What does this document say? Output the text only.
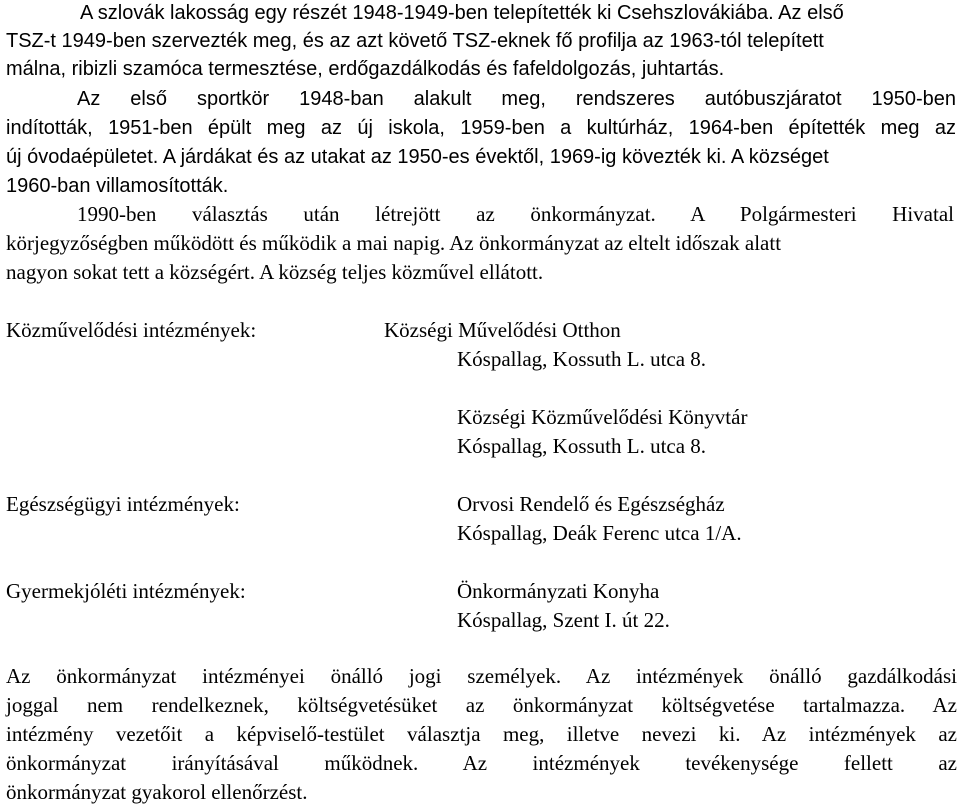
A szlovák lakosság egy részét 1948-1949-ben telepítették ki Csehszlovákiába. Az első

TSZ-t 1949-ben szervezték meg, és az azt követő TSZ-eknek fő profilja az 1963-tól telepített

málna, ribizli szamóca termesztése, erdőgazdálkodás és fafeldolgozás, juhtartás.

Az első sportkör 1948-ban alakult meg, rendszeres autóbuszjáratot 1950-ben

indították, 1951-ben épült meg az új iskola, 1959-ben a kultúrház, 1964-ben építették meg az

új óvodaépületet. A járdákat és az utakat az 1950-es évektől, 1969-ig kövezték ki. A községet

1960-ban villamosították.

1990-ben választás után létrejött az önkormányzat. A Polgármesteri Hivatal

körjegyzőségben működött és működik a mai napig. Az önkormányzat az eltelt időszak alatt

nagyon sokat tett a községért. A község teljes közművel ellátott.

Közművelődési intézmények:	Községi Művelődési Otthon

Kóspallag, Kossuth L. utca 8.

Községi Közművelődési Könyvtár

Kóspallag, Kossuth L. utca 8.

Egészségügyi intézmények:	Orvosi Rendelő és Egészségház

Kóspallag, Deák Ferenc utca 1/A.

Gyermekjóléti intézmények:	Önkormányzati Konyha

Kóspallag, Szent I. út 22.

Az önkormányzat intézményei önálló jogi személyek. Az intézmények önálló gazdálkodási

joggal nem rendelkeznek, költségvetésüket az önkormányzat költségvetése tartalmazza. Az

intézmény vezetőit a képviselő-testület választja meg, illetve nevezi ki. Az intézmények az

önkormányzat irányításával működnek. Az intézmények tevékenysége fellett az

önkormányzat gyakorol ellenőrzést.
